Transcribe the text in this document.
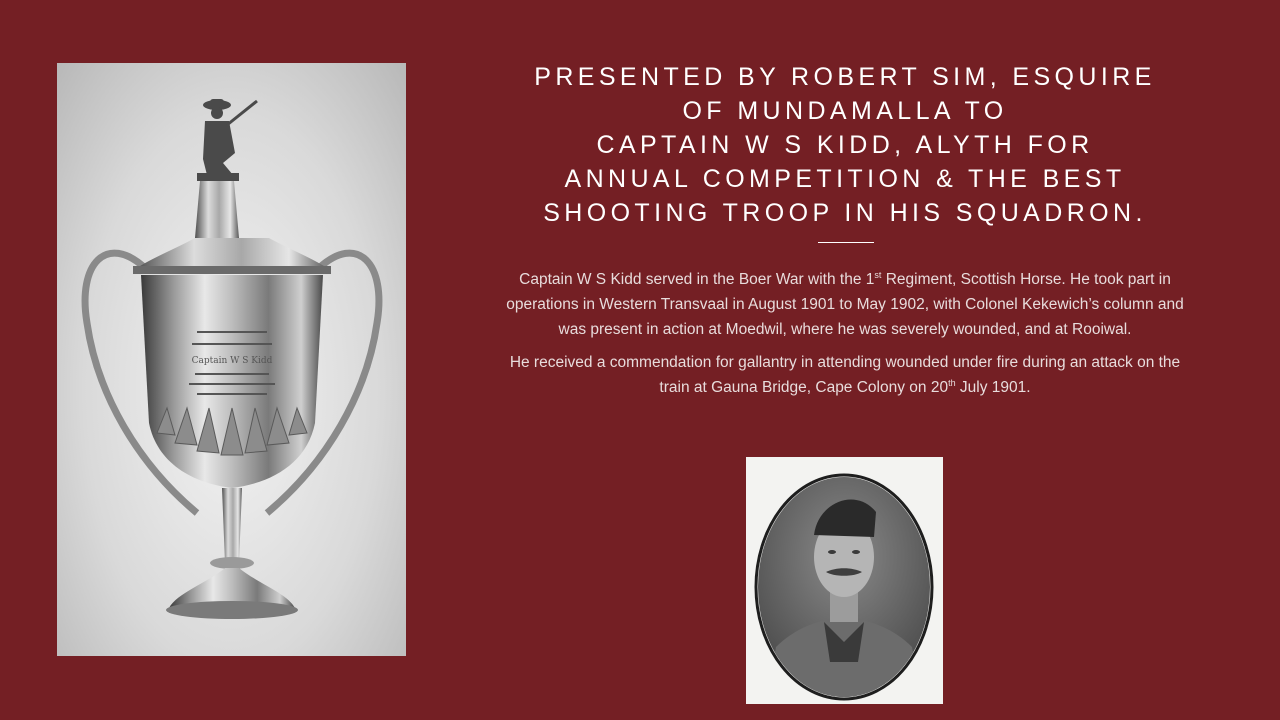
Captain W S Kidd
PRESENTED BY ROBERT SIM, ESQUIRE
OF MUNDAMALLA TO
CAPTAIN W S KIDD, ALYTH FOR
ANNUAL COMPETITION & THE BEST
SHOOTING TROOP IN HIS SQUADRON.

Captain W S Kidd served in the Boer War with the 1st Regiment, Scottish Horse. He took part in operations in Western Transvaal in August 1901 to May 1902, with Colonel Kekewich’s column and was present in action at Moedwil, where he was severely wounded, and at Rooiwal.

He received a commendation for gallantry in attending wounded under fire during an attack on the train at Gauna Bridge, Cape Colony on 20th July 1901.
